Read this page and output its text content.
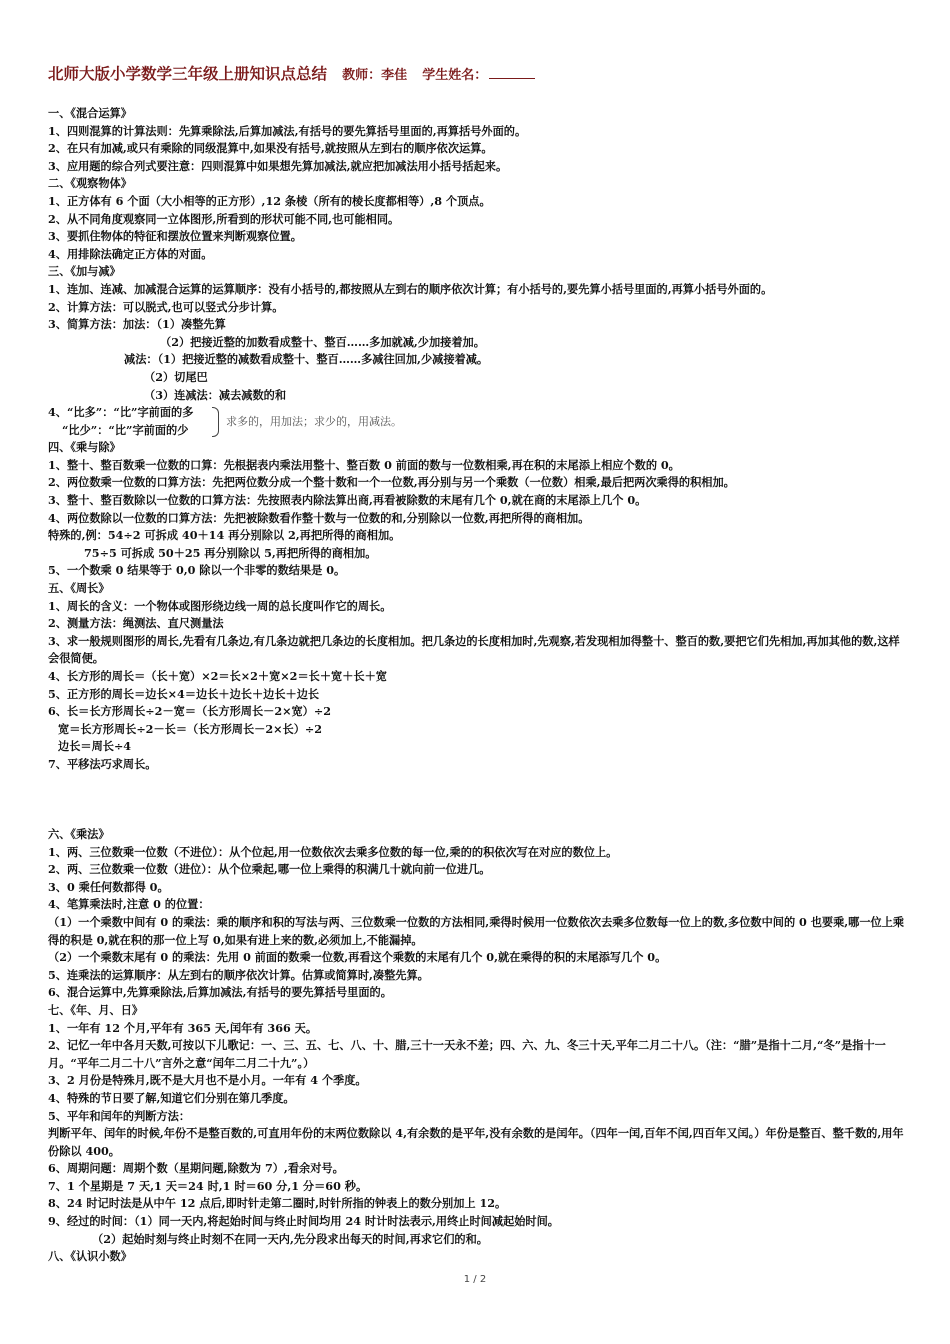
北师大版小学数学三年级上册知识点总结 教师：李佳 学生姓名：
一、《混合运算》
1、四则混算的计算法则：先算乘除法,后算加减法,有括号的要先算括号里面的,再算括号外面的。
2、在只有加减,或只有乘除的同级混算中,如果没有括号,就按照从左到右的顺序依次运算。
3、应用题的综合列式要注意：四则混算中如果想先算加减法,就应把加减法用小括号括起来。
二、《观察物体》
1、正方体有 6 个面（大小相等的正方形）,12 条棱（所有的棱长度都相等）,8 个顶点。
2、从不同角度观察同一立体图形,所看到的形状可能不同,也可能相同。
3、要抓住物体的特征和摆放位置来判断观察位置。
4、用排除法确定正方体的对面。
三、《加与减》
1、连加、连减、加减混合运算的运算顺序：没有小括号的,都按照从左到右的顺序依次计算；有小括号的,要先算小括号里面的,再算小括号外面的。
2、计算方法：可以脱式,也可以竖式分步计算。
3、简算方法：加法：（1）凑整先算
（2）把接近整的加数看成整十、整百……多加就减,少加接着加。
减法：（1）把接近整的减数看成整十、整百……多减往回加,少减接着减。
（2）切尾巴
（3）连减法：减去减数的和
4、“比多”：“比”字前面的多
“比少”：“比”字前面的少
求多的，用加法；求少的，用减法。
四、《乘与除》
1、整十、整百数乘一位数的口算：先根据表内乘法用整十、整百数 0 前面的数与一位数相乘,再在积的末尾添上相应个数的 0。
2、两位数乘一位数的口算方法：先把两位数分成一个整十数和一个一位数,再分别与另一个乘数（一位数）相乘,最后把两次乘得的积相加。
3、整十、整百数除以一位数的口算方法：先按照表内除法算出商,再看被除数的末尾有几个 0,就在商的末尾添上几个 0。
4、两位数除以一位数的口算方法：先把被除数看作整十数与一位数的和,分别除以一位数,再把所得的商相加。
特殊的,例：54÷2 可拆成 40＋14 再分别除以 2,再把所得的商相加。
75÷5 可拆成 50＋25 再分别除以 5,再把所得的商相加。
5、一个数乘 0 结果等于 0,0 除以一个非零的数结果是 0。
五、《周长》
1、周长的含义：一个物体或图形绕边线一周的总长度叫作它的周长。
2、测量方法：绳测法、直尺测量法
3、求一般规则图形的周长,先看有几条边,有几条边就把几条边的长度相加。把几条边的长度相加时,先观察,若发现相加得整十、整百的数,要把它们先相加,再加其他的数,这样会很简便。
4、长方形的周长＝（长＋宽）×2＝长×2＋宽×2＝长＋宽＋长＋宽
5、正方形的周长＝边长×4＝边长＋边长＋边长＋边长
6、长＝长方形周长÷2－宽＝（长方形周长－2×宽）÷2
宽＝长方形周长÷2－长＝（长方形周长－2×长）÷2
边长＝周长÷4
7、平移法巧求周长。
六、《乘法》
1、两、三位数乘一位数（不进位）：从个位起,用一位数依次去乘多位数的每一位,乘的的积依次写在对应的数位上。
2、两、三位数乘一位数（进位）：从个位乘起,哪一位上乘得的积满几十就向前一位进几。
3、0 乘任何数都得 0。
4、笔算乘法时,注意 0 的位置：
（1）一个乘数中间有 0 的乘法：乘的顺序和积的写法与两、三位数乘一位数的方法相同,乘得时候用一位数依次去乘多位数每一位上的数,多位数中间的 0 也要乘,哪一位上乘得的积是 0,就在积的那一位上写 0,如果有进上来的数,必须加上,不能漏掉。
（2）一个乘数末尾有 0 的乘法：先用 0 前面的数乘一位数,再看这个乘数的末尾有几个 0,就在乘得的积的末尾添写几个 0。
5、连乘法的运算顺序：从左到右的顺序依次计算。估算或简算时,凑整先算。
6、混合运算中,先算乘除法,后算加减法,有括号的要先算括号里面的。
七、《年、月、日》
1、一年有 12 个月,平年有 365 天,闰年有 366 天。
2、记忆一年中各月天数,可按以下儿歌记：一、三、五、七、八、十、腊,三十一天永不差；四、六、九、冬三十天,平年二月二十八。（注：“腊”是指十二月,“冬”是指十一月。“平年二月二十八”言外之意“闰年二月二十九”。）
3、2 月份是特殊月,既不是大月也不是小月。一年有 4 个季度。
4、特殊的节日要了解,知道它们分别在第几季度。
5、平年和闰年的判断方法：
判断平年、闰年的时候,年份不是整百数的,可直用年份的末两位数除以 4,有余数的是平年,没有余数的是闰年。（四年一闰,百年不闰,四百年又闰。）年份是整百、整千数的,用年份除以 400。
6、周期问题：周期个数（星期问题,除数为 7）,看余对号。
7、1 个星期是 7 天,1 天＝24 时,1 时＝60 分,1 分＝60 秒。
8、24 时记时法是从中午 12 点后,即时针走第二圈时,时针所指的钟表上的数分别加上 12。
9、经过的时间：（1）同一天内,将起始时间与终止时间均用 24 时计时法表示,用终止时间减起始时间。
（2）起始时刻与终止时刻不在同一天内,先分段求出每天的时间,再求它们的和。
八、《认识小数》
1 / 2
